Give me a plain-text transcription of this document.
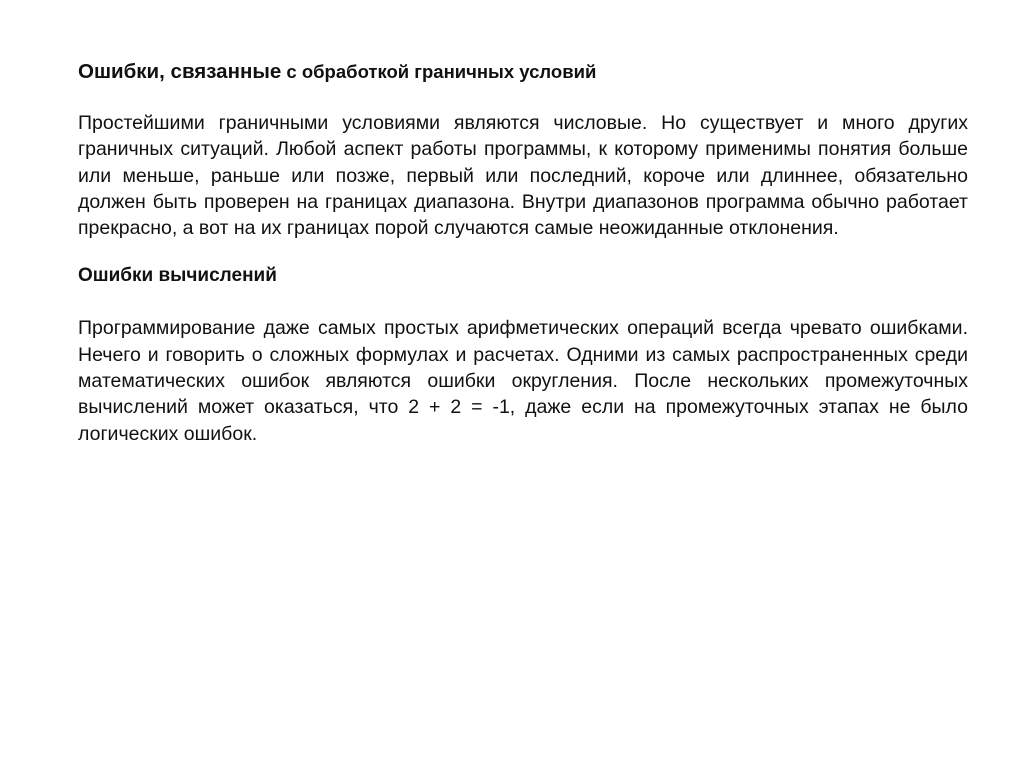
Ошибки, связанные с обработкой граничных условий

Простейшими граничными условиями являются числовые. Но существует и много других граничных ситуаций. Любой аспект работы программы, к которому применимы понятия больше или меньше, раньше или позже, первый или последний, короче или длиннее, обязательно должен быть проверен на границах диапазона. Внутри диапазонов программа обычно работает прекрасно, а вот на их границах порой случаются самые неожиданные отклонения.

Ошибки вычислений

Программирование даже самых простых арифметических операций всегда чревато ошибками. Нечего и говорить о сложных формулах и расчетах. Одними из самых распространенных среди математических ошибок являются ошибки округления. После нескольких промежуточных вычислений может оказаться, что 2 + 2 = -1, даже если на промежуточных этапах не было логических ошибок.
